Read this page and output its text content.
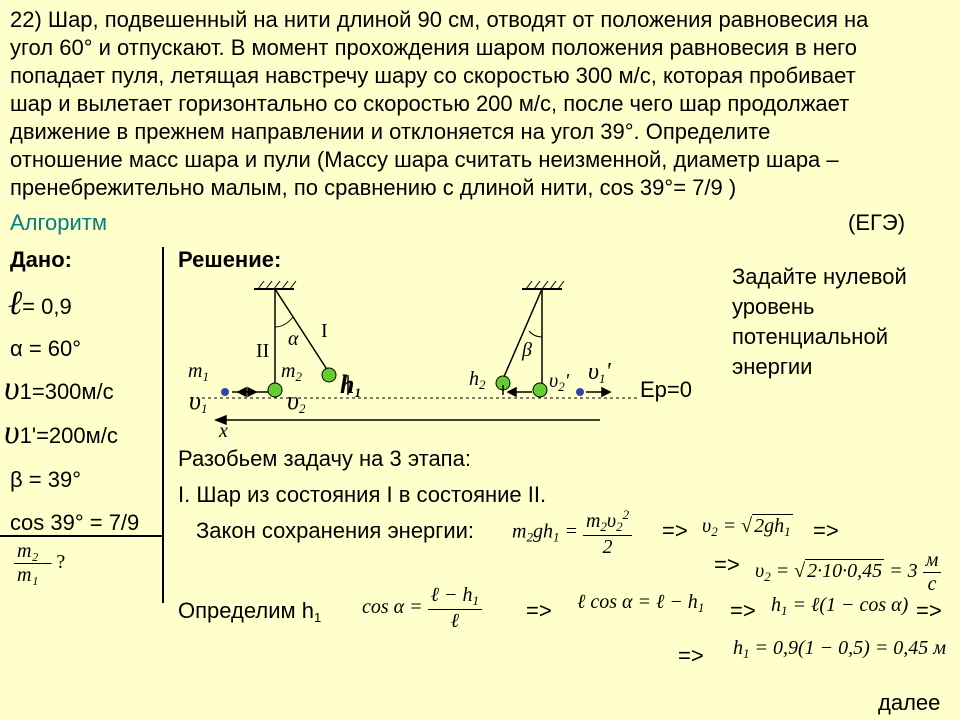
22) Шар, подвешенный на нити длиной 90 см, отводят от положения равновесия на
угол 60° и отпускают. В момент прохождения шаром положения равновесия в него
попадает пуля, летящая навстречу шару со скоростью 300 м/с, которая пробивает
шар и вылетает горизонтально со скоростью 200 м/с, после чего шар продолжает
движение в прежнем направлении и отклоняется на угол 39°. Определите
отношение масс шара и пули (Массу шара считать неизменной, диаметр шара –
пренебрежительно малым, по сравнению с длиной нити, cos 39°= 7/9 )
Алгоритм	(ЕГЭ)
Дано:
ℓ= 0,9
α = 60°
υ1=300м/с
υ1'=200м/с
β = 39°
cos 39° = 7/9
$\frac{\text{m₂}}{\text{m₁}}$ – ?
Решение:
Задайте нулевой уровень потенциальной энергии
α	β
I
II
$m_1$	$m_2$ $h_1$
$h_2$
$\upsilon_1$	$\upsilon_2$
$\upsilon_2'$ $\upsilon_1'$
x
Eр=0
Разобьем задачу на 3 этапа:
I. Шар из состояния I в состояние II.
Закон сохранения энергии: $m_2gh_1 = \frac{m_2\upsilon_2^2}{2} => \upsilon_2$ = √ $2gh_1$ =>
=> $\upsilon_2$ = √ $2\cdot 10\cdot 0,45 = 3 \frac{м}{c}$
Определим $h_1$ $\cos \alpha = \frac{\ell - h_1}{\text{ℓ}}$ => ℓ cos α = ℓ − $h_1 => h_1$ = ℓ(1 − cos α) =>
=> $h_1 = 0,9(1 - 0,5) = 0,45$ м
далее
